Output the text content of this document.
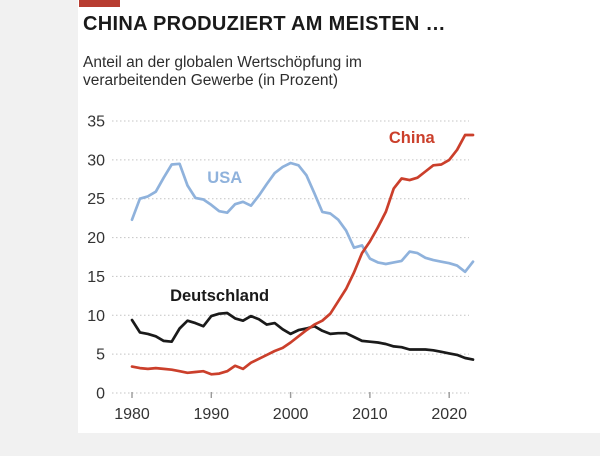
CHINA PRODUZIERT AM MEISTEN …

Anteil an der globalen Wertschöpfung im verarbeitenden Gewerbe (in Prozent)

0
5
10
15
20
25
30
35
1980	1990	2000	2010	2020
USA
Deutschland
China
